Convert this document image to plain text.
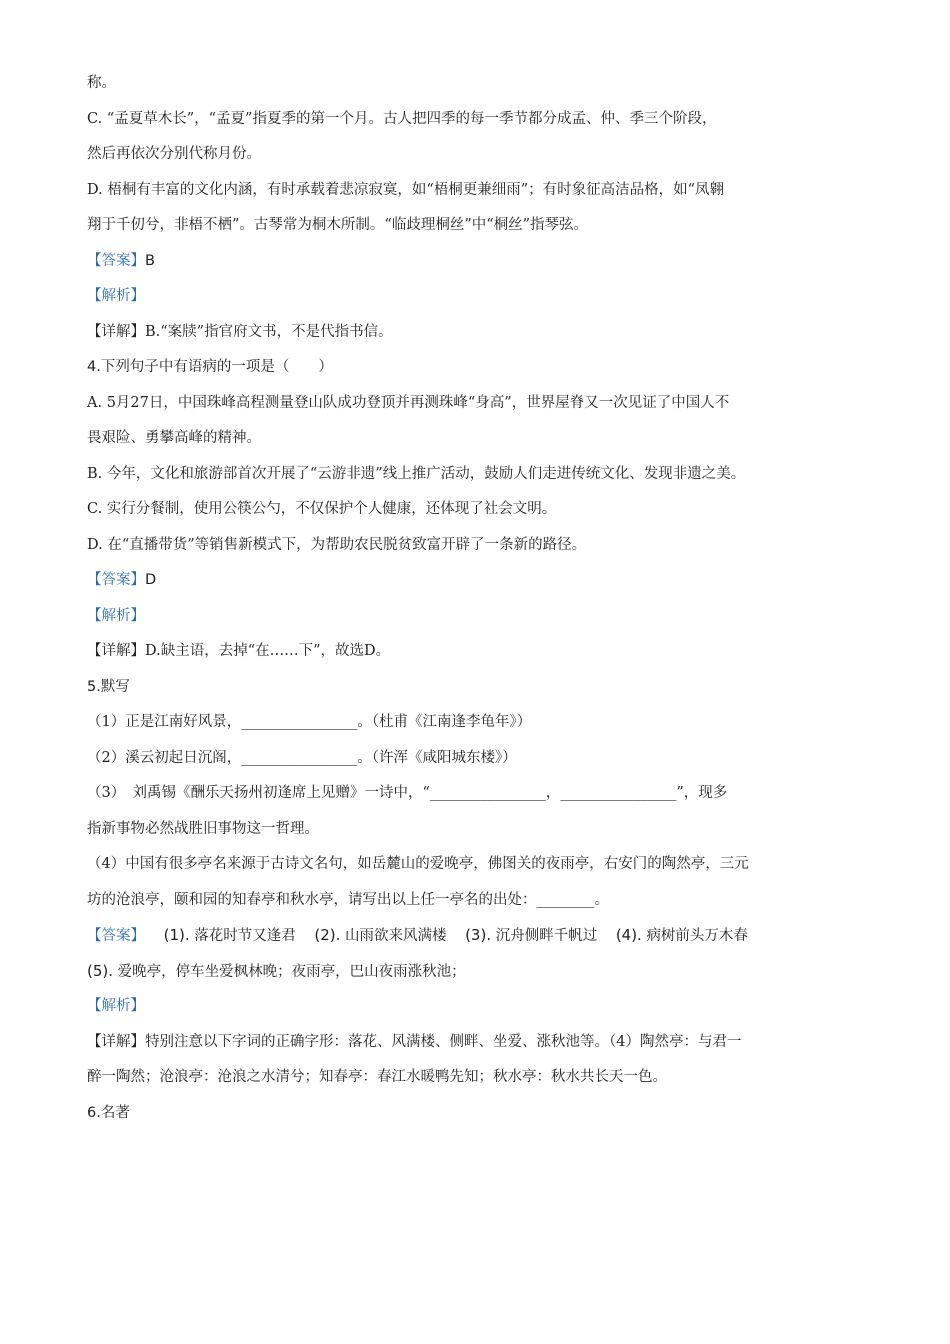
称。
C. “孟夏草木长”，“孟夏”指夏季的第一个月。古人把四季的每一季节都分成孟、仲、季三个阶段，
然后再依次分别代称月份。
D. 梧桐有丰富的文化内涵，有时承载着悲凉寂寞，如“梧桐更兼细雨”；有时象征高洁品格，如“凤翱
翔于千仞兮，非梧不栖”。古琴常为桐木所制。“临歧理桐丝”中“桐丝”指琴弦。
【答案】B
【解析】
【详解】B.“案牍”指官府文书，不是代指书信。
4.下列句子中有语病的一项是（　　）
A. 5月27日，中国珠峰高程测量登山队成功登顶并再测珠峰“身高”，世界屋脊又一次见证了中国人不
畏艰险、勇攀高峰的精神。
B. 今年，文化和旅游部首次开展了“云游非遗”线上推广活动，鼓励人们走进传统文化、发现非遗之美。
C. 实行分餐制，使用公筷公勺，不仅保护个人健康，还体现了社会文明。
D. 在“直播带货”等销售新模式下，为帮助农民脱贫致富开辟了一条新的路径。
【答案】D
【解析】
【详解】D.缺主语，去掉“在……下”，故选D。
5.默写
（1）正是江南好风景，________________。（杜甫《江南逢李龟年》）
（2）溪云初起日沉阁，________________。（许浑《咸阳城东楼》）
（3）　刘禹锡《酬乐天扬州初逢席上见赠》一诗中，“________________，________________”，现多
指新事物必然战胜旧事物这一哲理。
（4）中国有很多亭名来源于古诗文名句，如岳麓山的爱晚亭，佛图关的夜雨亭，右安门的陶然亭，三元
坊的沧浪亭，颐和园的知春亭和秋水亭，请写出以上任一亭名的出处：________。
【答案】 (1). 落花时节又逢君 (2). 山雨欲来风满楼 (3). 沉舟侧畔千帆过 (4). 病树前头万木春
(5). 爱晚亭，停车坐爱枫林晚；夜雨亭，巴山夜雨涨秋池；
【解析】
【详解】特别注意以下字词的正确字形：落花、风满楼、侧畔、坐爱、涨秋池等。（4）陶然亭：与君一
醉一陶然；沧浪亭：沧浪之水清兮；知春亭：春江水暖鸭先知；秋水亭：秋水共长天一色。
6.名著
